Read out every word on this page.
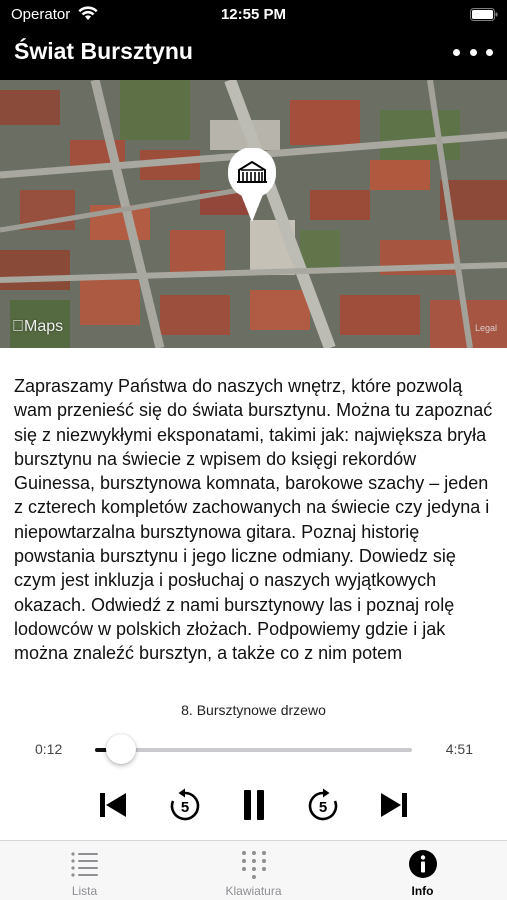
Operator	12:55 PM
Świat Bursztynu
Maps	Legal
Zapraszamy Państwa do naszych wnętrz, które pozwolą wam przenieść się do świata bursztynu. Można tu zapoznać się z niezwykłymi eksponatami, takimi jak: największa bryła bursztynu na świecie z wpisem do księgi rekordów Guinessa, bursztynowa komnata, barokowe szachy – jeden z czterech kompletów zachowanych na świecie czy jedyna i niepowtarzalna bursztynowa gitara. Poznaj historię powstania bursztynu i jego liczne odmiany. Dowiedz się czym jest inkluzja i posłuchaj o naszych wyjątkowych okazach. Odwiedź z nami bursztynowy las i poznaj rolę lodowców w polskich złożach. Podpowiemy gdzie i jak można znaleźć bursztyn, a także co z nim potem
8. Bursztynowe drzewo
0:12	4:51
5	5
Lista	Klawiatura	Info
